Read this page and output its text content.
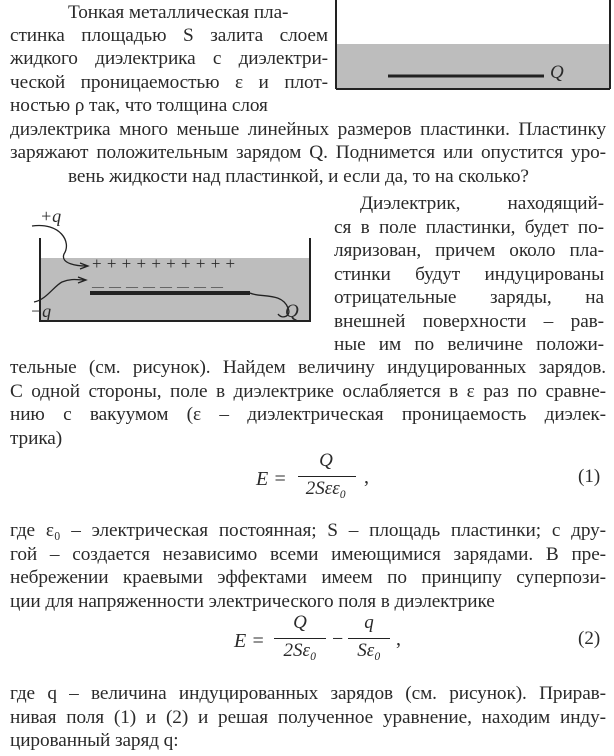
Тонкая металлическая пла-
стинка площадью S залита слоем
жидкого диэлектрика с диэлектри-
ческой проницаемостью ε и плот-
ностью ρ так, что толщина слоя
диэлектрика много меньше линейных размеров пластинки. Пластинку
заряжают положительным зарядом Q. Поднимется или опустится уро-
вень жидкости над пластинкой, и если да, то на сколько?
Q
+q
−q	Q
+ + + + + + + + + +
— — — — — — — —
Диэлектрик, находящий-
ся в поле пластинки, будет по-
ляризован, причем около пла-
стинки будут индуцированы
отрицательные заряды, на
внешней поверхности – рав-
ные им по величине положи-
тельные (см. рисунок). Найдем величину индуцированных зарядов.
С одной стороны, поле в диэлектрике ослабляется в ε раз по сравне-
нию с вакуумом (ε – диэлектрическая проницаемость диэлек-
трика)
E =
Q
2Sεε₀
,	(1)
где ε₀ – электрическая постоянная; S – площадь пластинки; с дру-
гой – создается независимо всеми имеющимися зарядами. В пре-
небрежении краевыми эффектами имеем по принципу суперпози-
ции для напряженности электрического поля в диэлектрике
E =
Q
2Sε₀
−
q
Sε₀
,	(2)
где q – величина индуцированных зарядов (см. рисунок). Прирав-
нивая поля (1) и (2) и решая полученное уравнение, находим инду-
цированный заряд q:
